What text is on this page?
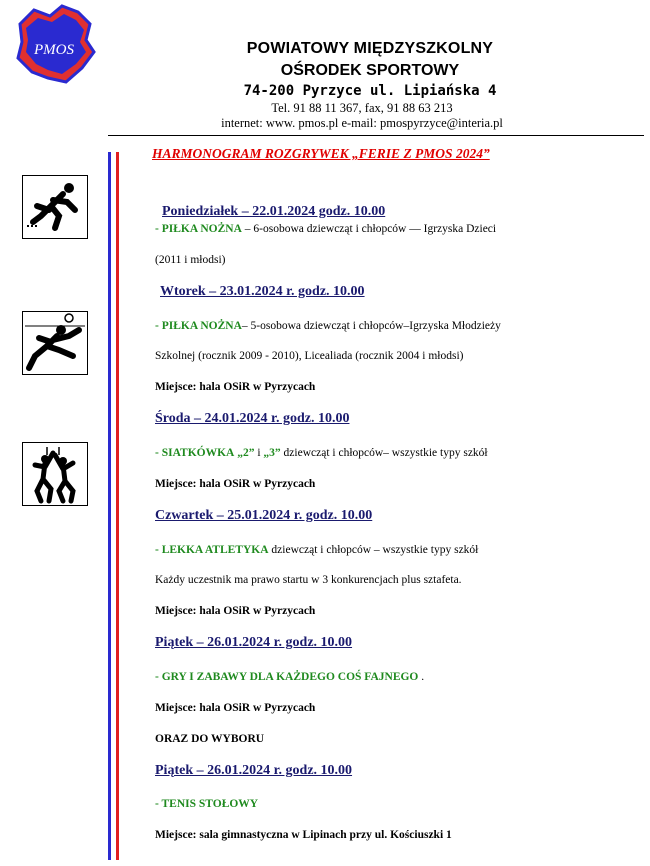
PMOS	POWIATOWY MIĘDZYSZKOLNY
OŚRODEK SPORTOWY
74-200 Pyrzyce ul. Lipiańska 4
Tel. 91 88 11 367, fax, 91 88 63 213
internet: www. pmos.pl e-mail: pmospyrzyce@interia.pl
HARMONOGRAM ROZGRYWEK „FERIE Z PMOS 2024”
Poniedziałek – 22.01.2024 godz. 10.00
- PIŁKA NOŻNA – 6-osobowa dziewcząt i chłopców — Igrzyska Dzieci
(2011 i młodsi)
Wtorek – 23.01.2024 r. godz. 10.00
- PIŁKA NOŻNA– 5-osobowa dziewcząt i chłopców–Igrzyska Młodzieży
Szkolnej (rocznik 2009 - 2010), Licealiada (rocznik 2004 i młodsi)
Miejsce: hala OSiR w Pyrzycach
Środa – 24.01.2024 r. godz. 10.00
- SIATKÓWKA „2” i „3” dziewcząt i chłopców– wszystkie typy szkół
Miejsce: hala OSiR w Pyrzycach
Czwartek – 25.01.2024 r. godz. 10.00
- LEKKA ATLETYKA dziewcząt i chłopców – wszystkie typy szkół
Każdy uczestnik ma prawo startu w 3 konkurencjach plus sztafeta.
Miejsce: hala OSiR w Pyrzycach
Piątek – 26.01.2024 r. godz. 10.00
- GRY I ZABAWY DLA KAŻDEGO COŚ FAJNEGO .
Miejsce: hala OSiR w Pyrzycach
ORAZ DO WYBORU
Piątek – 26.01.2024 r. godz. 10.00
- TENIS STOŁOWY
Miejsce: sala gimnastyczna w Lipinach przy ul. Kościuszki 1
